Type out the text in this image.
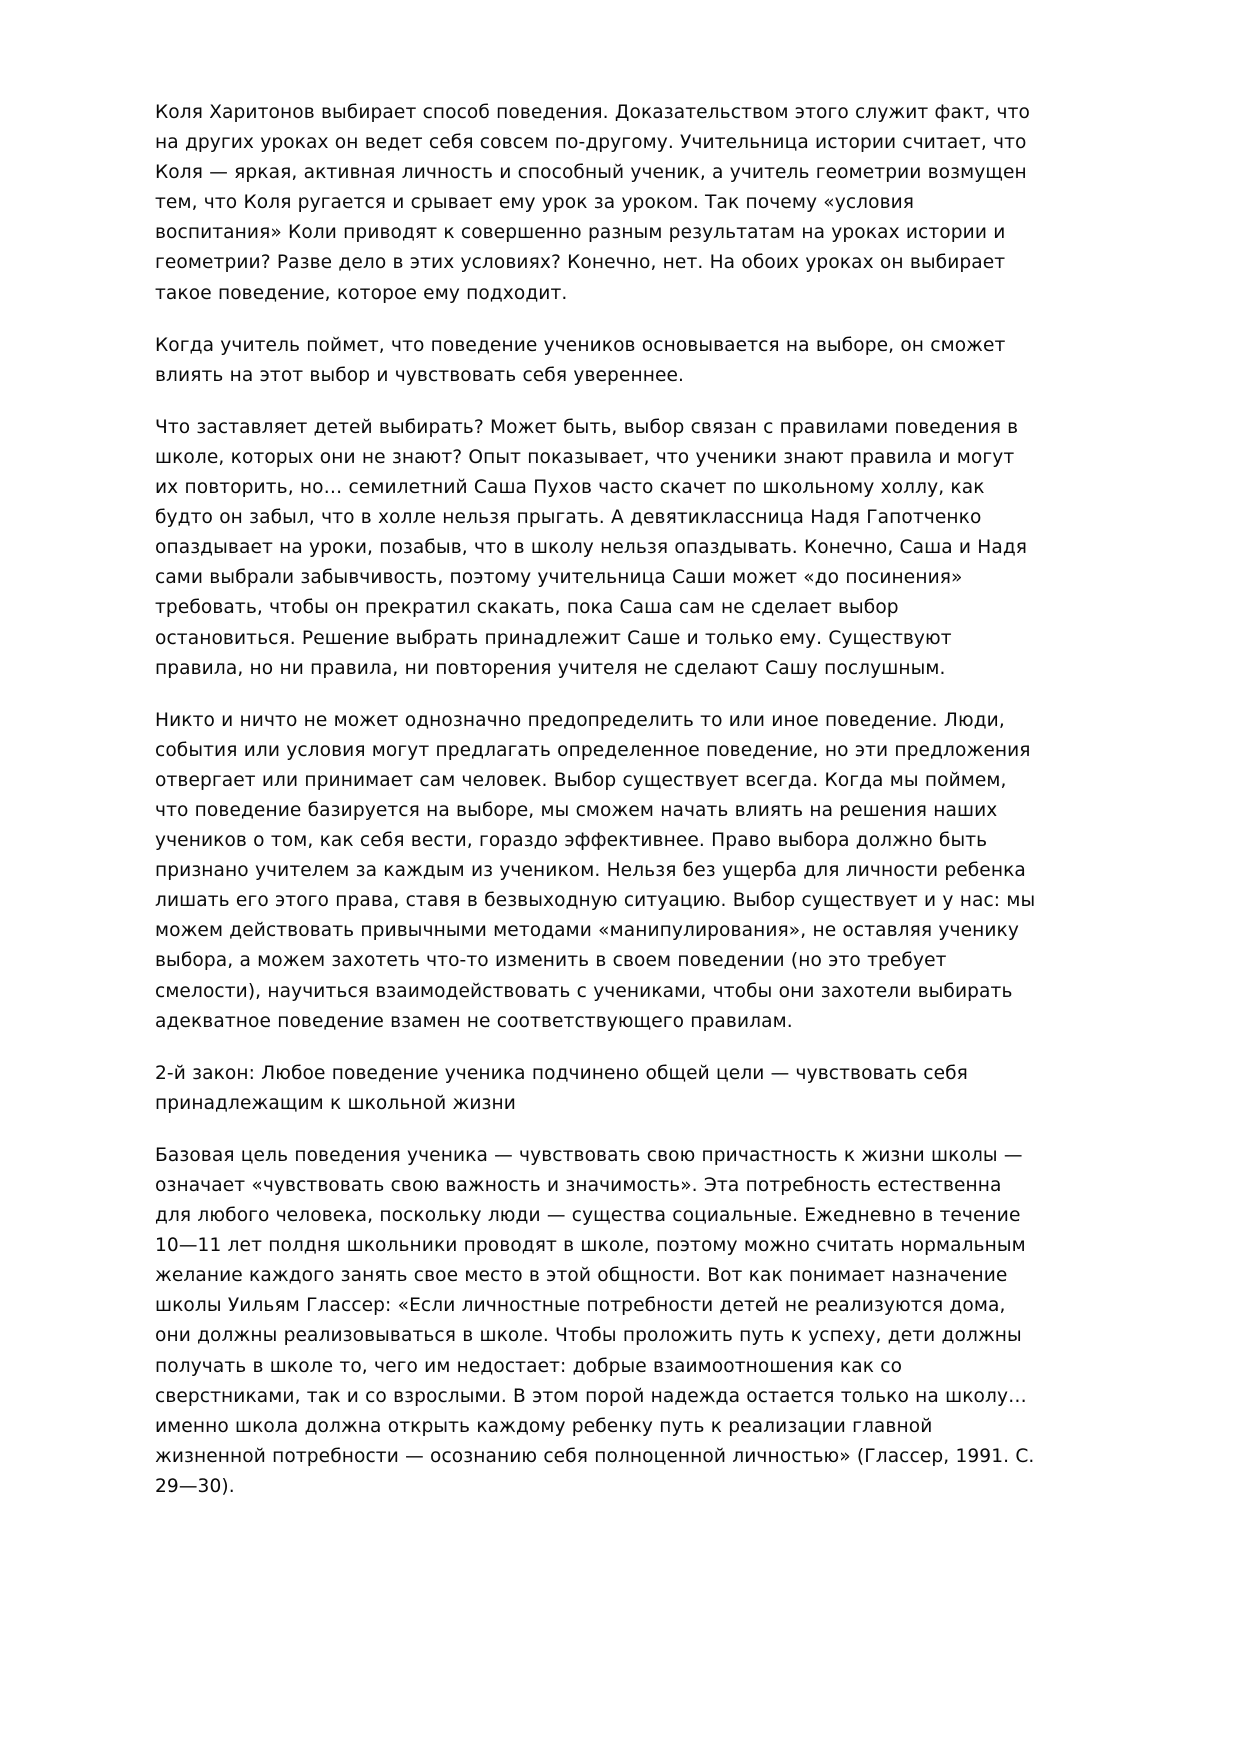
Коля Харитонов выбирает способ поведения. Доказательством этого служит факт, что на других уроках он ведет себя совсем по-другому. Учительница истории считает, что Коля — яркая, активная личность и способный ученик, а учитель геометрии возмущен тем, что Коля ругается и срывает ему урок за уроком. Так почему «условия воспитания» Коли приводят к совершенно разным результатам на уроках истории и геометрии? Разве дело в этих условиях? Конечно, нет. На обоих уроках он выбирает такое поведение, которое ему подходит.

Когда учитель поймет, что поведение учеников основывается на выборе, он сможет влиять на этот выбор и чувствовать себя увереннее.

Что заставляет детей выбирать? Может быть, выбор связан с правилами поведения в школе, которых они не знают? Опыт показывает, что ученики знают правила и могут их повторить, но… семилетний Саша Пухов часто скачет по школьному холлу, как будто он забыл, что в холле нельзя прыгать. А девятиклассница Надя Гапотченко опаздывает на уроки, позабыв, что в школу нельзя опаздывать. Конечно, Саша и Надя сами выбрали забывчивость, поэтому учительница Саши может «до посинения» требовать, чтобы он прекратил скакать, пока Саша сам не сделает выбор остановиться. Решение выбрать принадлежит Саше и только ему. Существуют правила, но ни правила, ни повторения учителя не сделают Сашу послушным.

Никто и ничто не может однозначно предопределить то или иное поведение. Люди, события или условия могут предлагать определенное поведение, но эти предложения отвергает или принимает сам человек. Выбор существует всегда. Когда мы поймем, что поведение базируется на выборе, мы сможем начать влиять на решения наших учеников о том, как себя вести, гораздо эффективнее. Право выбора должно быть признано учителем за каждым из учеником. Нельзя без ущерба для личности ребенка лишать его этого права, ставя в безвыходную ситуацию. Выбор существует и у нас: мы можем действовать привычными методами «манипулирования», не оставляя ученику выбора, а можем захотеть что-то изменить в своем поведении (но это требует смелости), научиться взаимодействовать с учениками, чтобы они захотели выбирать адекватное поведение взамен не соответствующего правилам.

2-й закон: Любое поведение ученика подчинено общей цели — чувствовать себя принадлежащим к школьной жизни

Базовая цель поведения ученика — чувствовать свою причастность к жизни школы — означает «чувствовать свою важность и значимость». Эта потребность естественна для любого человека, поскольку люди — существа социальные. Ежедневно в течение 10—11 лет полдня школьники проводят в школе, поэтому можно считать нормальным желание каждого занять свое место в этой общности. Вот как понимает назначение школы Уильям Глассер: «Если личностные потребности детей не реализуются дома, они должны реализовываться в школе. Чтобы проложить путь к успеху, дети должны получать в школе то, чего им недостает: добрые взаимоотношения как со сверстниками, так и со взрослыми. В этом порой надежда остается только на школу… именно школа должна открыть каждому ребенку путь к реализации главной жизненной потребности — осознанию себя полноценной личностью» (Глассер, 1991. С. 29—30).
